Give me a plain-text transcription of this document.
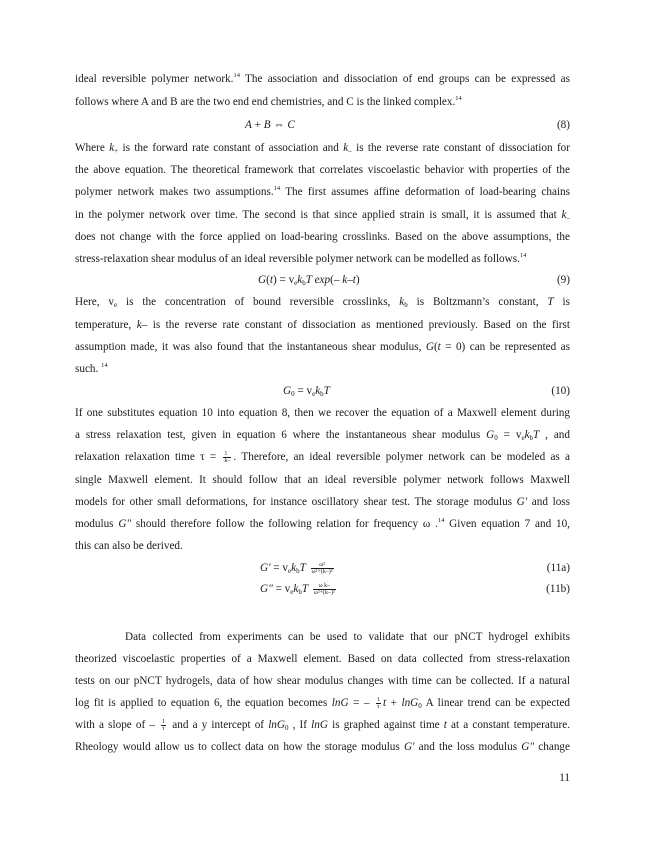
ideal reversible polymer network.$^{14}$ The association and dissociation of end groups can be expressed as
follows where A and B are the two end end chemistries, and C is the linked complex.$^{14}$
Where $k_+$ is the forward rate constant of association and $k_-$ is the reverse rate constant of dissociation for
the above equation. The theoretical framework that correlates viscoelastic behavior with properties of the
polymer network makes two assumptions.$^{14}$ The first assumes affine deformation of load-bearing chains
in the polymer network over time. The second is that since applied strain is small, it is assumed that $k_-$
does not change with the force applied on load-bearing crosslinks. Based on the above assumptions, the
stress-relaxation shear modulus of an ideal reversible polymer network can be modelled as follows.$^{14}$
Here, $v_e$ is the concentration of bound reversible crosslinks, $k_b$ is Boltzmann’s constant, T is
temperature, k– is the reverse rate constant of dissociation as mentioned previously. Based on the first
assumption made, it was also found that the instantaneous shear modulus, G(t = 0) can be represented as
such. $^{14}$
If one substitutes equation 10 into equation 8, then we recover the equation of a Maxwell element during
a stress relaxation test, given in equation 6 where the instantaneous shear modulus $G_0 = v_ek_bT$ , and
relaxation relaxation time $\tau = \frac{1}{k-}$ . Therefore, an ideal reversible polymer network can be modeled as a
single Maxwell element. It should follow that an ideal reversible polymer network follows Maxwell
models for other small deformations, for instance oscillatory shear test. The storage modulus G' and loss
modulus G" should therefore follow the following relation for frequency ω .$^{14}$ Given equation 7 and 10,
this can also be derived.
Data collected from experiments can be used to validate that our pNCT hydrogel exhibits
theorized viscoelastic properties of a Maxwell element. Based on data collected from stress-relaxation
tests on our pNCT hydrogels, data of how shear modulus changes with time can be collected. If a natural
log fit is applied to equation 6, the equation becomes lnG = – $\frac{1}{\tau}$ t + lnG$_0$ A linear trend can be expected
with a slope of – $\frac{1}{\tau}$ and a y intercept of lnG$_0$ , If lnG is graphed against time t at a constant temperature.
Rheology would allow us to collect data on how the storage modulus G' and the loss modulus G" change
A + B ⇔ C	(8)
$G(t) = v_ek_bT$ exp(– k–t)	(9)
$G_0 = v_ek_bT$	(10)
$G' = v_ek_bT \frac{\text{ω²}}{\text{ω²+(k–)²}}$	(11a)
G" = $v_ek_bT \frac{\text{ω k–}}{\text{ω²+(k–)²}}$	(11b)
11
